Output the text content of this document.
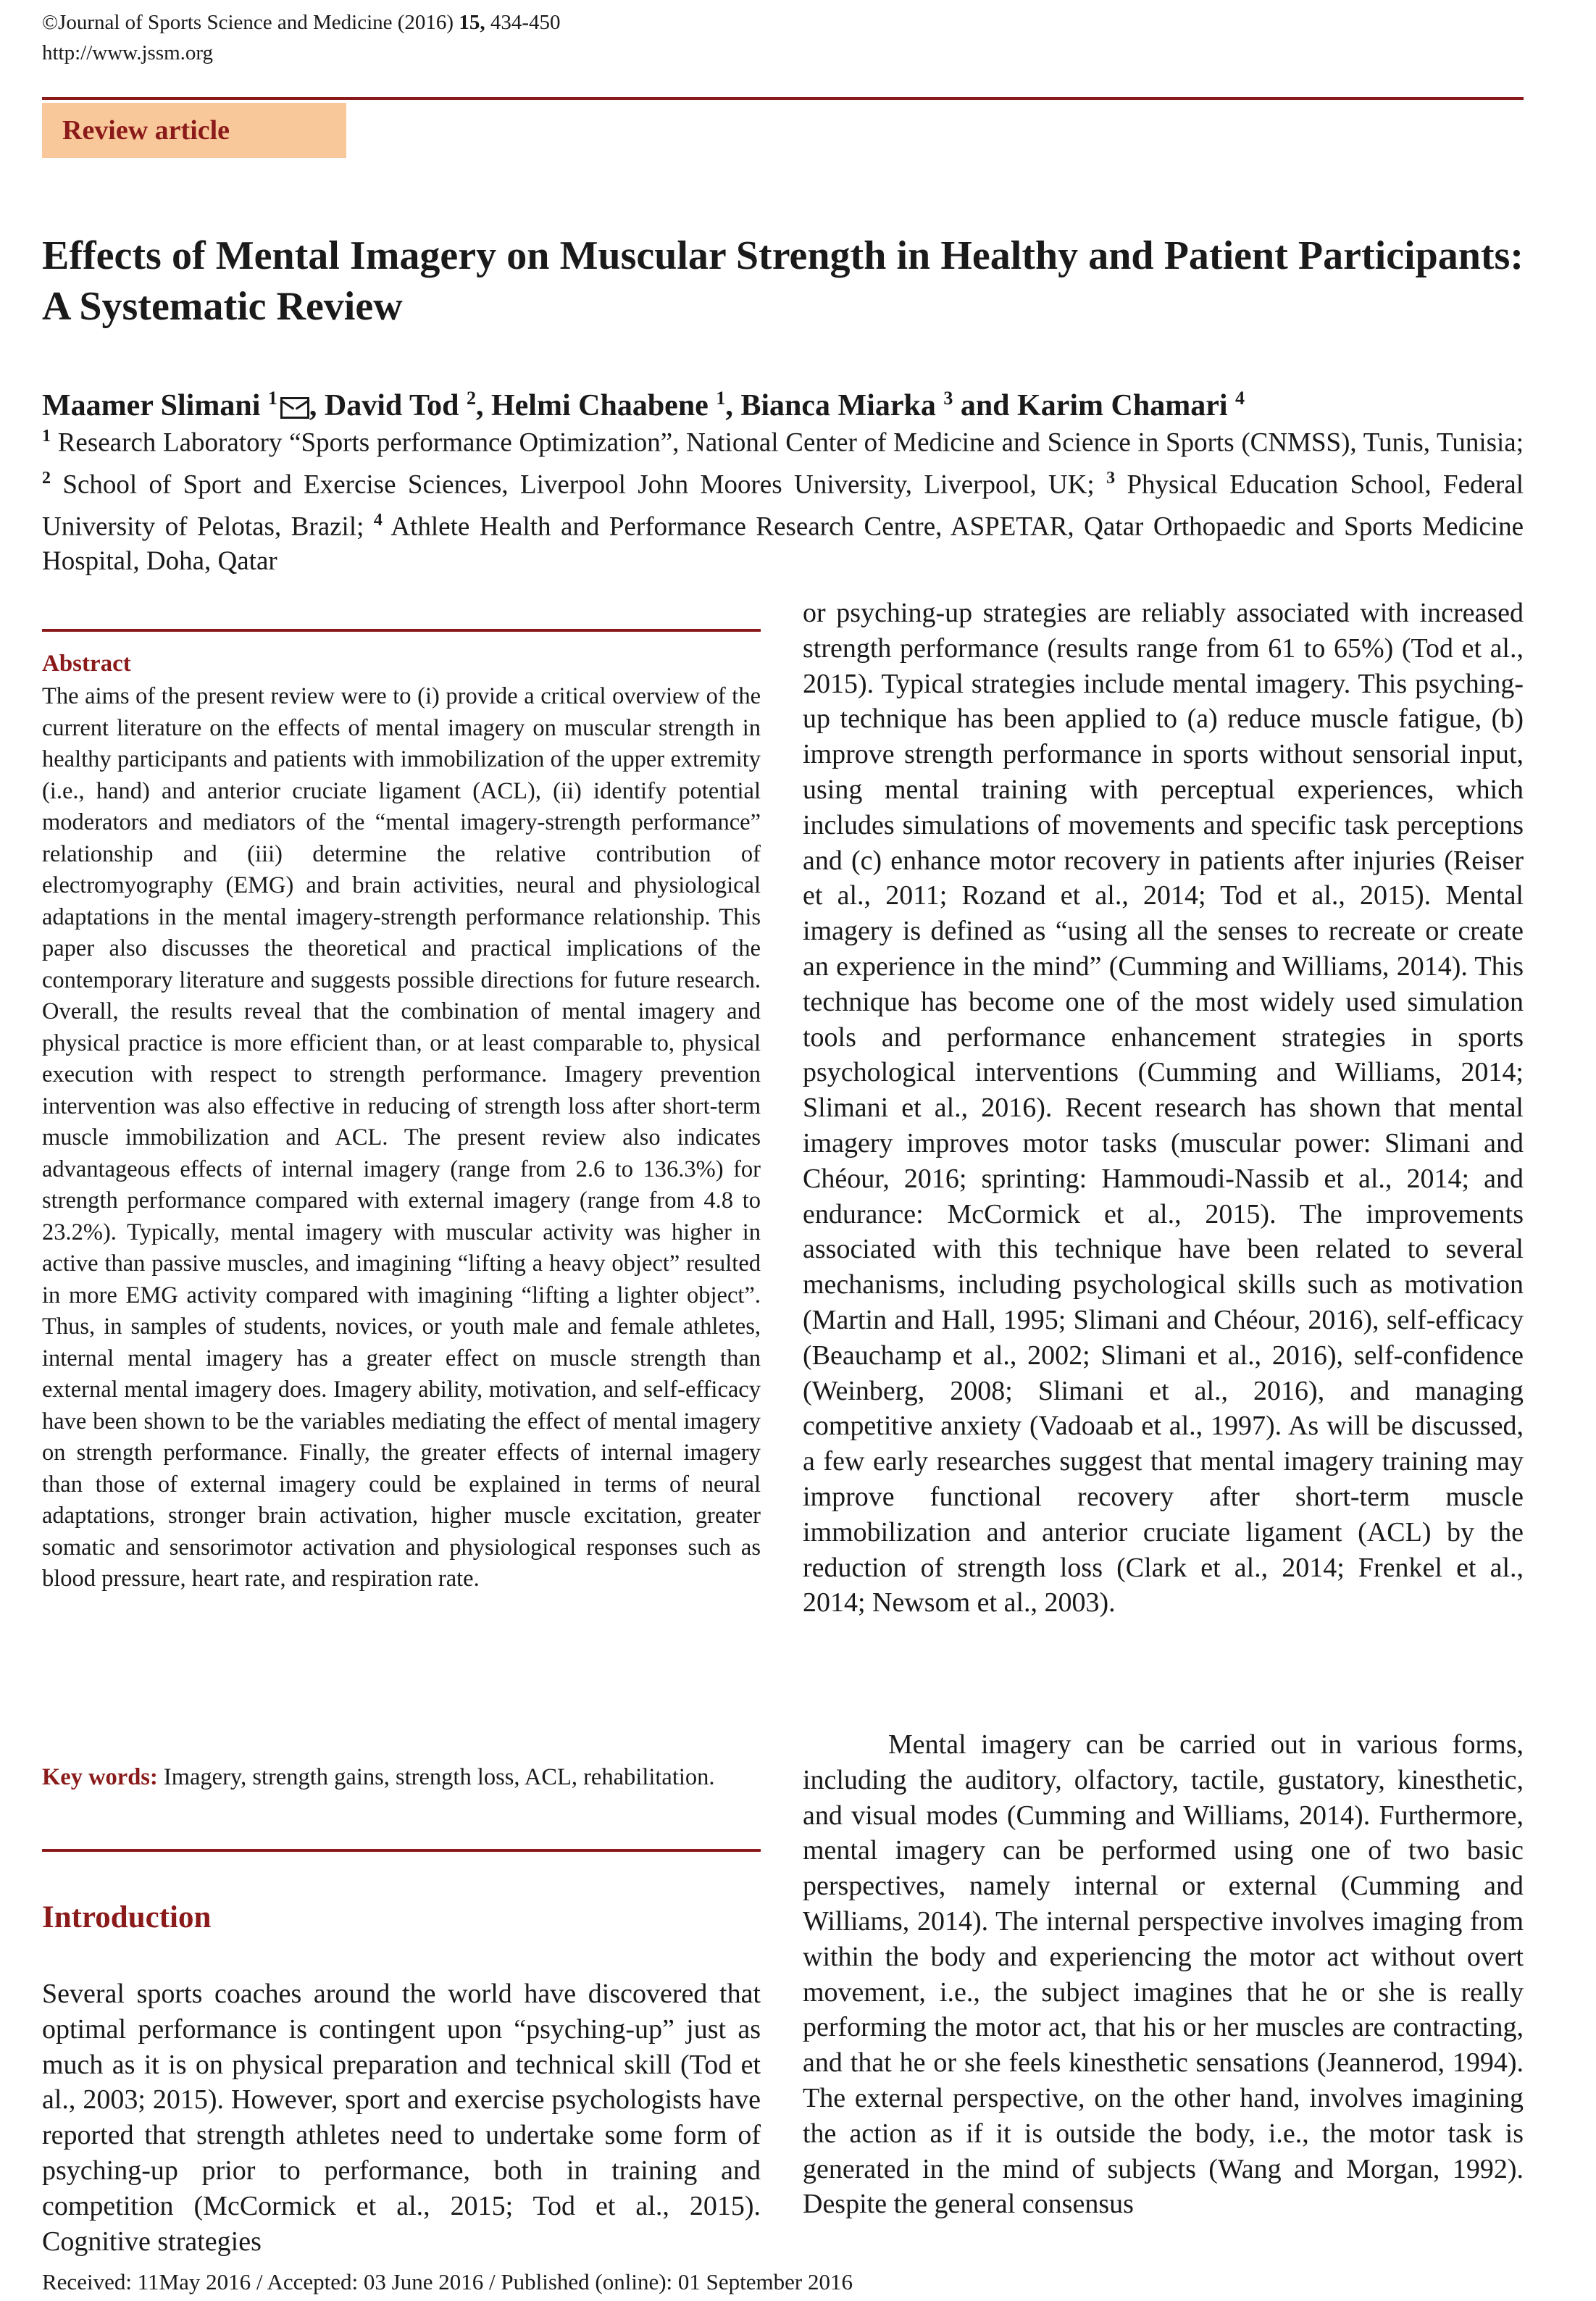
©Journal of Sports Science and Medicine (2016) 15, 434-450
http://www.jssm.org
Review article
Effects of Mental Imagery on Muscular Strength in Healthy and Patient Participants: A Systematic Review
Maamer Slimani $^1$ , David Tod $^2$, Helmi Chaabene $^1$, Bianca Miarka $^3$ and Karim Chamari $^4$

$^1$ Research Laboratory “Sports performance Optimization”, National Center of Medicine and Science in Sports (CNMSS), Tunis, Tunisia; $^2$ School of Sport and Exercise Sciences, Liverpool John Moores University, Liverpool, UK; $^3$ Physical Education School, Federal University of Pelotas, Brazil; $^4$ Athlete Health and Performance Research Centre, ASPETAR, Qatar Orthopaedic and Sports Medicine Hospital, Doha, Qatar

Abstract

The aims of the present review were to (i) provide a critical overview of the current literature on the effects of mental imagery on muscular strength in healthy participants and patients with immobilization of the upper extremity (i.e., hand) and anterior cruciate ligament (ACL), (ii) identify potential moderators and mediators of the “mental imagery-strength performance” relationship and (iii) determine the relative contribution of electromyography (EMG) and brain activities, neural and physiological adaptations in the mental imagery-strength performance relationship. This paper also discusses the theoretical and practical implications of the contemporary literature and suggests possible directions for future research. Overall, the results reveal that the combination of mental imagery and physical practice is more efficient than, or at least comparable to, physical execution with respect to strength performance. Imagery prevention intervention was also effective in reducing of strength loss after short-term muscle immobilization and ACL. The present review also indicates advantageous effects of internal imagery (range from 2.6 to 136.3%) for strength performance compared with external imagery (range from 4.8 to 23.2%). Typically, mental imagery with muscular activity was higher in active than passive muscles, and imagining “lifting a heavy object” resulted in more EMG activity compared with imagining “lifting a lighter object”. Thus, in samples of students, novices, or youth male and female athletes, internal mental imagery has a greater effect on muscle strength than external mental imagery does. Imagery ability, motivation, and self-efficacy have been shown to be the variables mediating the effect of mental imagery on strength performance. Finally, the greater effects of internal imagery than those of external imagery could be explained in terms of neural adaptations, stronger brain activation, higher muscle excitation, greater somatic and sensorimotor activation and physiological responses such as blood pressure, heart rate, and respiration rate.

Key words: Imagery, strength gains, strength loss, ACL, rehabilitation.

Introduction

Several sports coaches around the world have discovered that optimal performance is contingent upon “psyching-up” just as much as it is on physical preparation and technical skill (Tod et al., 2003; 2015). However, sport and exercise psychologists have reported that strength athletes need to undertake some form of psyching-up prior to performance, both in training and competition (McCormick et al., 2015; Tod et al., 2015). Cognitive strategies

or psyching-up strategies are reliably associated with increased strength performance (results range from 61 to 65%) (Tod et al., 2015). Typical strategies include mental imagery. This psyching-up technique has been applied to (a) reduce muscle fatigue, (b) improve strength performance in sports without sensorial input, using mental training with perceptual experiences, which includes simulations of movements and specific task perceptions and (c) enhance motor recovery in patients after injuries (Reiser et al., 2011; Rozand et al., 2014; Tod et al., 2015). Mental imagery is defined as “using all the senses to recreate or create an experience in the mind” (Cumming and Williams, 2014). This technique has become one of the most widely used simulation tools and performance enhancement strategies in sports psychological interventions (Cumming and Williams, 2014; Slimani et al., 2016). Recent research has shown that mental imagery improves motor tasks (muscular power: Slimani and Chéour, 2016; sprinting: Hammoudi-Nassib et al., 2014; and endurance: McCormick et al., 2015). The improvements associated with this technique have been related to several mechanisms, including psychological skills such as motivation (Martin and Hall, 1995; Slimani and Chéour, 2016), self-efficacy (Beauchamp et al., 2002; Slimani et al., 2016), self-confidence (Weinberg, 2008; Slimani et al., 2016), and managing competitive anxiety (Vadoaab et al., 1997). As will be discussed, a few early researches suggest that mental imagery training may improve functional recovery after short-term muscle immobilization and anterior cruciate ligament (ACL) by the reduction of strength loss (Clark et al., 2014; Frenkel et al., 2014; Newsom et al., 2003).

Mental imagery can be carried out in various forms, including the auditory, olfactory, tactile, gustatory, kinesthetic, and visual modes (Cumming and Williams, 2014). Furthermore, mental imagery can be performed using one of two basic perspectives, namely internal or external (Cumming and Williams, 2014). The internal perspective involves imaging from within the body and experiencing the motor act without overt movement, i.e., the subject imagines that he or she is really performing the motor act, that his or her muscles are contracting, and that he or she feels kinesthetic sensations (Jeannerod, 1994). The external perspective, on the other hand, involves imagining the action as if it is outside the body, i.e., the motor task is generated in the mind of subjects (Wang and Morgan, 1992). Despite the general consensus

Received: 11May 2016 / Accepted: 03 June 2016 / Published (online): 01 September 2016
